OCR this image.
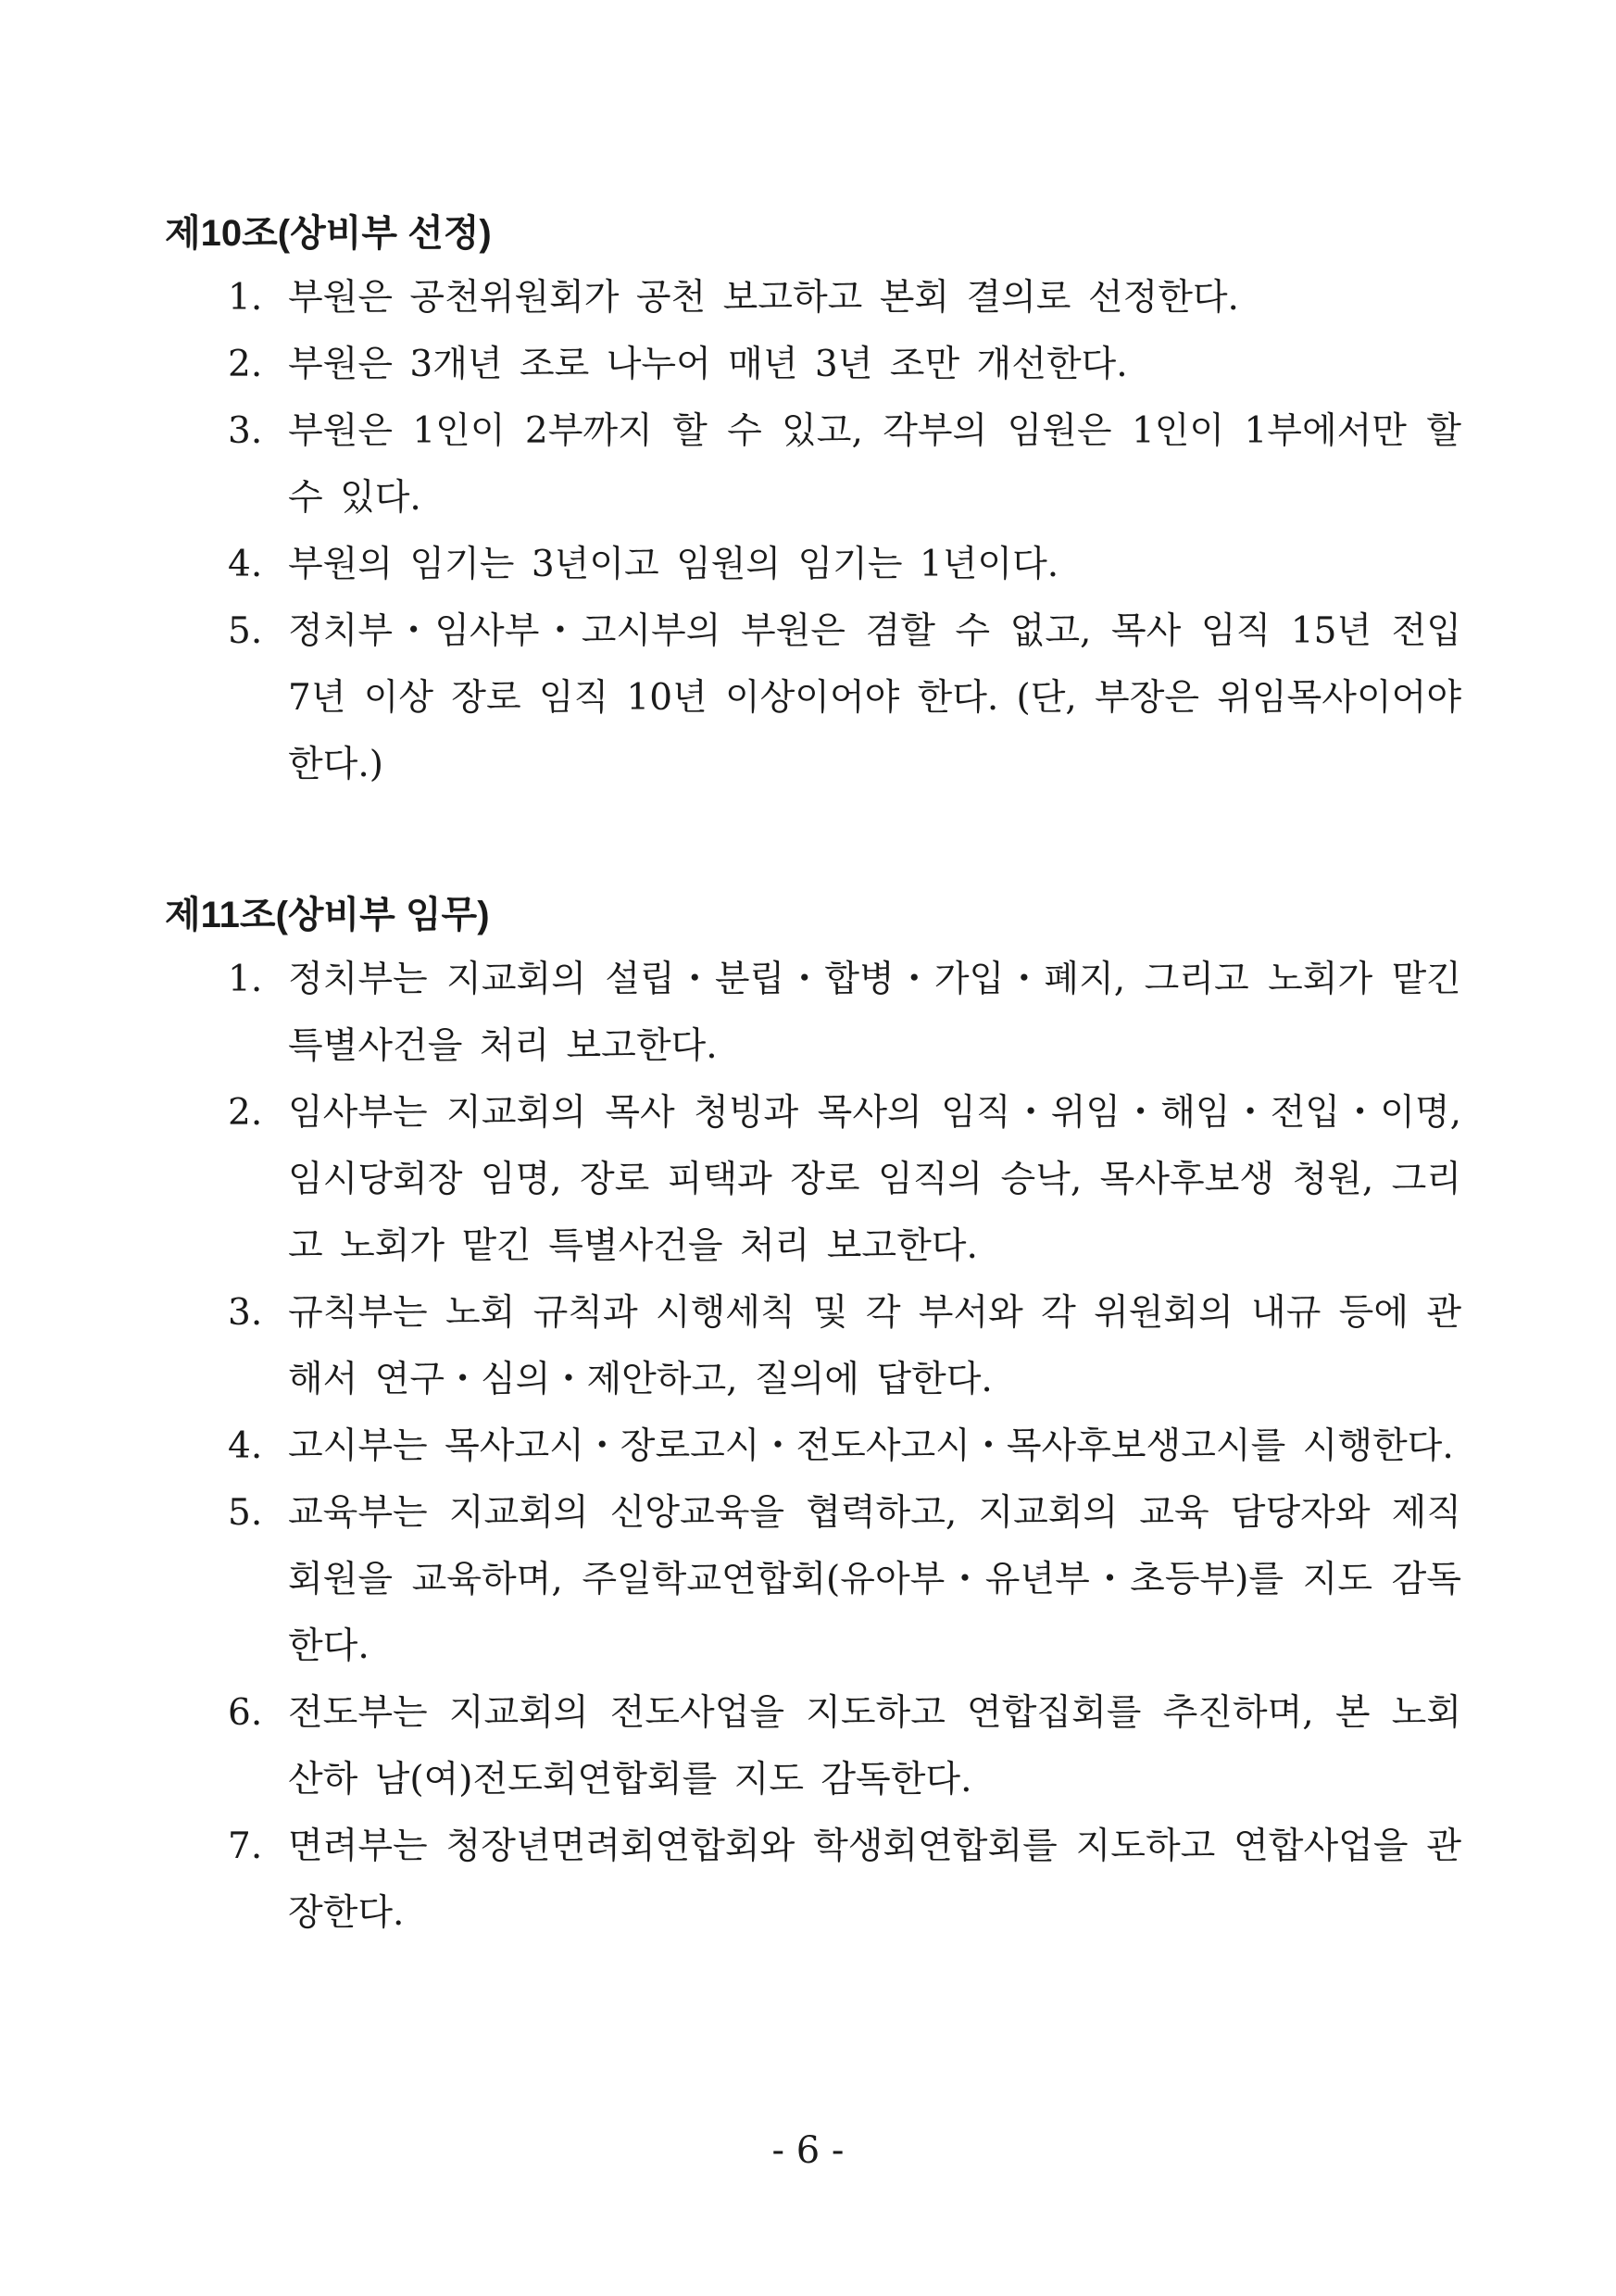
제10조(상비부 선정)
1. 부원은 공천위원회가 공천 보고하고 본회 결의로 선정한다.
2. 부원은 3개년 조로 나누어 매년 3년 조만 개선한다.
3. 부원은 1인이 2부까지 할 수 있고, 각부의 임원은 1인이 1부에서만 할 수 있다.
4. 부원의 임기는 3년이고 임원의 임기는 1년이다.
5. 정치부・임사부・고시부의 부원은 겸할 수 없고, 목사 임직 15년 전입 7년 이상 장로 임직 10년 이상이어야 한다. (단, 부장은 위임목사이어야 한다.)
제11조(상비부 임무)
1. 정치부는 지교회의 설립・분립・합병・가입・폐지, 그리고 노회가 맡긴 특별사건을 처리 보고한다.
2. 임사부는 지교회의 목사 청빙과 목사의 임직・위임・해임・전입・이명, 임시당회장 임명, 장로 피택과 장로 임직의 승낙, 목사후보생 청원, 그리고 노회가 맡긴 특별사건을 처리 보고한다.
3. 규칙부는 노회 규칙과 시행세칙 및 각 부서와 각 위원회의 내규 등에 관해서 연구・심의・제안하고, 질의에 답한다.
4. 고시부는 목사고시・장로고시・전도사고시・목사후보생고시를 시행한다.
5. 교육부는 지교회의 신앙교육을 협력하고, 지교회의 교육 담당자와 제직회원을 교육하며, 주일학교연합회(유아부・유년부・초등부)를 지도 감독한다.
6. 전도부는 지교회의 전도사업을 지도하고 연합집회를 추진하며, 본 노회 산하 남(여)전도회연합회를 지도 감독한다.
7. 면려부는 청장년면려회연합회와 학생회연합회를 지도하고 연합사업을 관장한다.
- 6 -
